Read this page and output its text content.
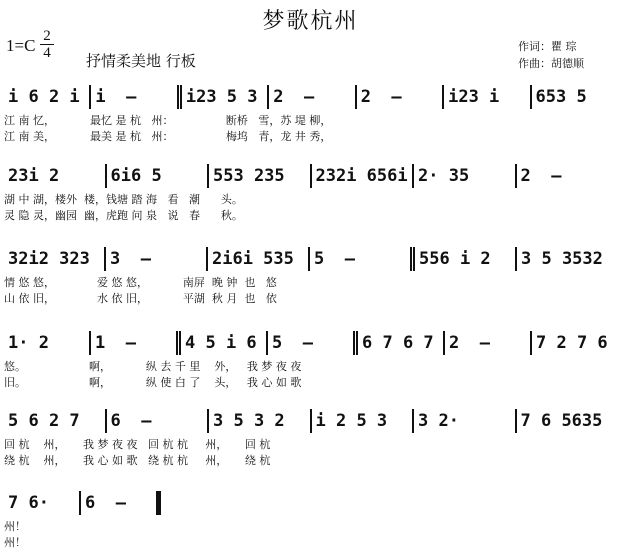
梦歌杭州
1=C 2
4 抒情柔美地 行板
作词：瞿 琮
作曲：胡德顺
i 6 2 i i  –	i23 5 3 2  –	2  –	i23 i	653 5
江 南 忆，          最忆 是 杭   州：               断桥   雪，苏 堤 柳，
江 南 美，          最美 是 杭   州：               梅坞   青，龙 井 秀，
23i 2	6i6 5	553 235	232i 656i 2· 35	2  –
湖 中 湖，楼外  楼，钱塘 踏 海   看   潮      头。
灵 隐 灵，幽园  幽，虎跑 问 泉   说   春      秋。
32i2 323	3  –	2i6i 535	5  –	556 i 2	3 5 3532
情 悠 悠，            爱 悠 悠，          南屏  晚 钟  也   悠
山 依 旧，            水 依 旧，          平湖  秋 月  也   依
1· 2	1  –	4 5 i 6 5  –	6 7 6 7 2  –	7 2 7 6
悠。                  啊，          纵 去 千 里    外，   我 梦 夜 夜
旧。                  啊，          纵 使 白 了    头，   我 心 如 歌
5 6 2 7	6  –	3 5 3 2	i 2 5 3	3 2·	7 6 5635
回 杭    州，     我 梦 夜 夜   回 杭 杭     州，     回 杭
绕 杭    州，     我 心 如 歌   绕 杭 杭     州，     绕 杭
7 6·	6  –
州！
州！
